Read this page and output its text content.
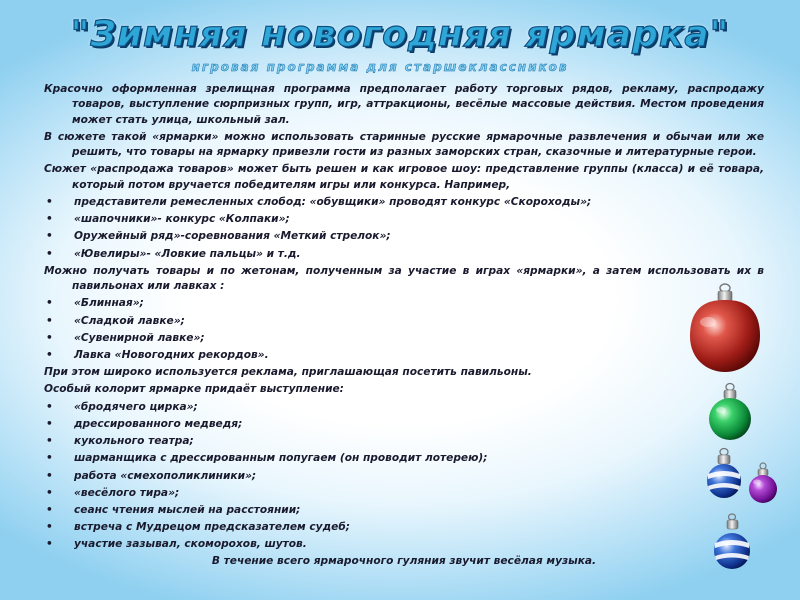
"Зимняя новогодняя ярмарка"
игровая программа для старшеклассников

Красочно оформленная зрелищная программа предполагает работу торговых рядов, рекламу, распродажу товаров, выступление сюрпризных групп, игр, аттракционы, весёлые массовые действия. Местом проведения может стать улица, школьный зал.

В сюжете такой «ярмарки» можно использовать старинные русские ярмарочные развлечения и обычаи или же решить, что товары на ярмарку привезли гости из разных заморских стран, сказочные и литературные герои.

Сюжет «распродажа товаров» может быть решен и как игровое шоу: представление группы (класса) и её товара, который потом вручается победителям игры или конкурса. Например,

• представители ремесленных слобод: «обувщики» проводят конкурс «Скороходы»;
• «шапочники»- конкурс «Колпаки»;
• Оружейный ряд»-соревнования «Меткий стрелок»;
• «Ювелиры»- «Ловкие пальцы» и т.д.

Можно получать товары и по жетонам, полученным за участие в играх «ярмарки», а затем использовать их в павильонах или лавках :

• «Блинная»;
• «Сладкой лавке»;
• «Сувенирной лавке»;
• Лавка «Новогодних рекордов».

При этом широко используется реклама, приглашающая посетить павильоны.

Особый колорит ярмарке придаёт выступление:

• «бродячего цирка»;
• дрессированного медведя;
• кукольного театра;
• шарманщика с дрессированным попугаем (он проводит лотерею);
• работа «смехополиклиники»;
• «весёлого тира»;
• сеанс чтения мыслей на расстоянии;
• встреча с Мудрецом предсказателем судеб;
• участие зазывал, скоморохов, шутов.

В течение всего ярмарочного гуляния звучит весёлая музыка.
